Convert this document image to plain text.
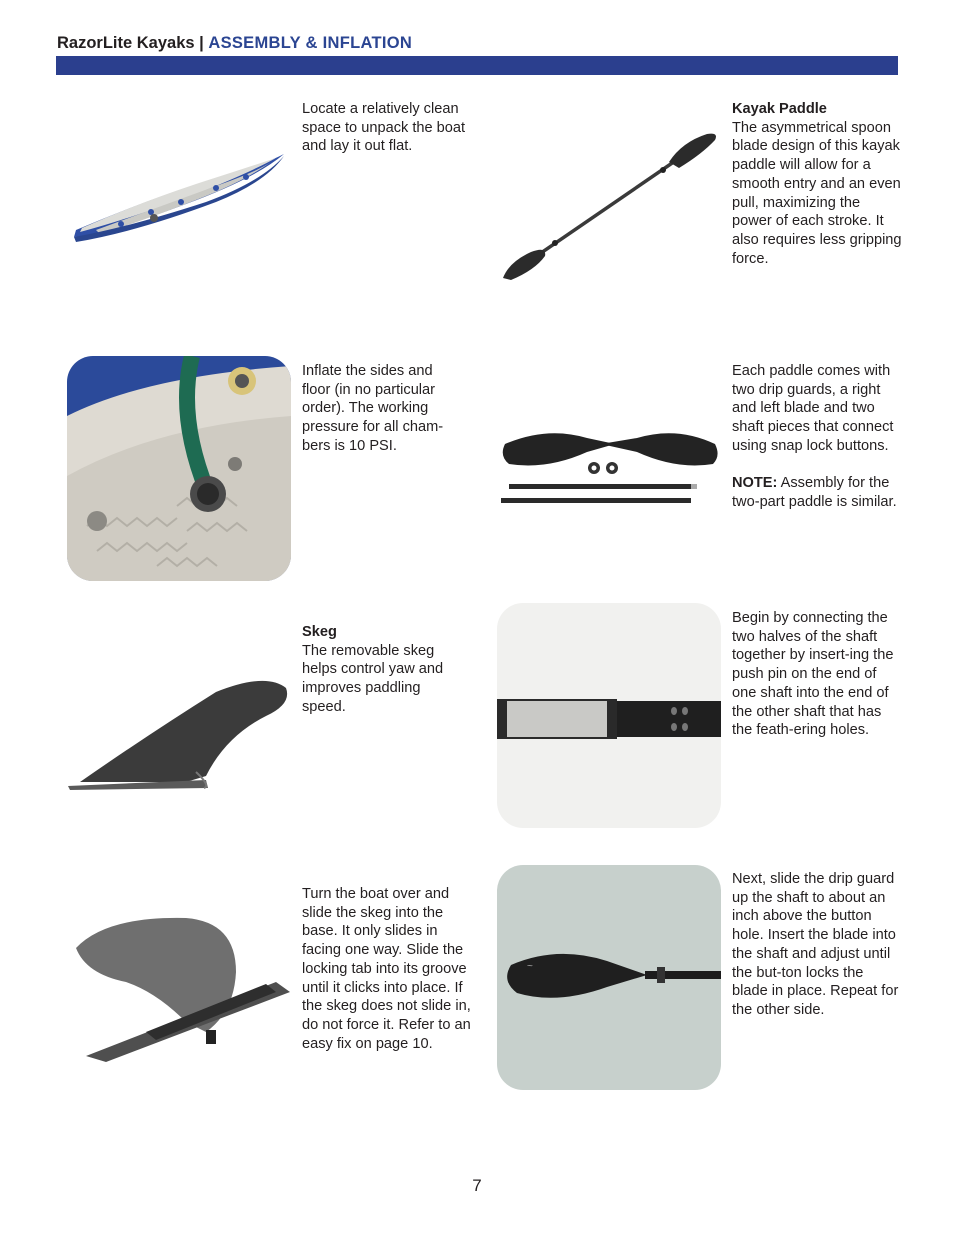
RazorLite Kayaks | ASSEMBLY & INFLATION

Locate a relatively clean space to unpack the boat and lay it out flat.

Kayak Paddle

The asymmetrical spoon blade design of this kayak paddle will allow for a smooth entry and an even pull, maximizing the power of each stroke. It also requires less gripping force.

Inflate the sides and floor (in no particular order). The working pressure for all cham-bers is 10 PSI.

Each paddle comes with two drip guards, a right and left blade and two shaft pieces that connect using snap lock buttons.

NOTE: Assembly for the two-part paddle is similar.

Skeg

The removable skeg helps control yaw and improves paddling speed.

Begin by connecting the two halves of the shaft together by insert-ing the push pin on the end of one shaft into the end of the other shaft that has the feath-ering holes.

Turn the boat over and slide the skeg into the base. It only slides in facing one way. Slide the locking tab into its groove until it clicks into place. If the skeg does not slide in, do not force it. Refer to an easy fix on page 10.

~

Next, slide the drip guard up the shaft to about an inch above the button hole. Insert the blade into the shaft and adjust until the but-ton locks the blade in place. Repeat for the other side.

7
